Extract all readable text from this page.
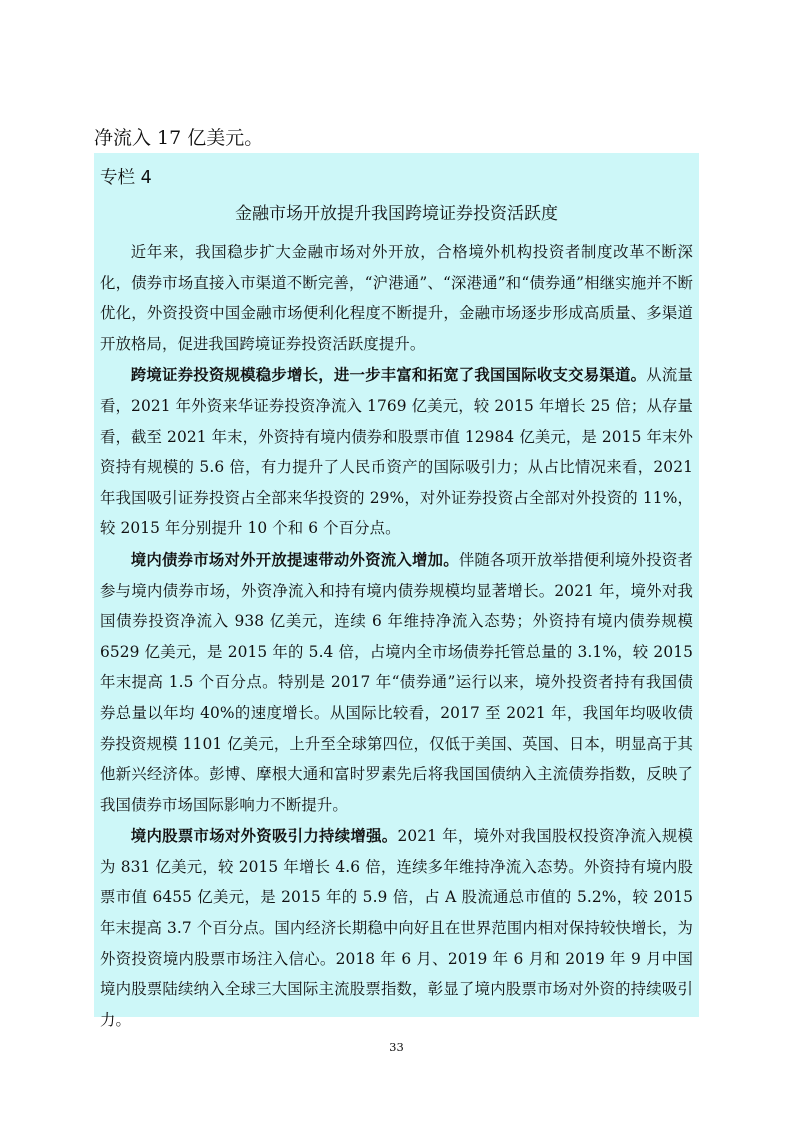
净流入 17 亿美元。
专栏 4
金融市场开放提升我国跨境证券投资活跃度

近年来，我国稳步扩大金融市场对外开放，合格境外机构投资者制度改革不断深化，债券市场直接入市渠道不断完善，“沪港通”、“深港通”和“债券通”相继实施并不断优化，外资投资中国金融市场便利化程度不断提升，金融市场逐步形成高质量、多渠道开放格局，促进我国跨境证券投资活跃度提升。

跨境证券投资规模稳步增长，进一步丰富和拓宽了我国国际收支交易渠道。从流量看，2021 年外资来华证券投资净流入 1769 亿美元，较 2015 年增长 25 倍；从存量看，截至 2021 年末，外资持有境内债券和股票市值 12984 亿美元，是 2015 年末外资持有规模的 5.6 倍，有力提升了人民币资产的国际吸引力；从占比情况来看，2021 年我国吸引证券投资占全部来华投资的 29%，对外证券投资占全部对外投资的 11%，较 2015 年分别提升 10 个和 6 个百分点。

境内债券市场对外开放提速带动外资流入增加。伴随各项开放举措便利境外投资者参与境内债券市场，外资净流入和持有境内债券规模均显著增长。2021 年，境外对我国债券投资净流入 938 亿美元，连续 6 年维持净流入态势；外资持有境内债券规模 6529 亿美元，是 2015 年的 5.4 倍，占境内全市场债券托管总量的 3.1%，较 2015 年末提高 1.5 个百分点。特别是 2017 年“债券通”运行以来，境外投资者持有我国债券总量以年均 40%的速度增长。从国际比较看，2017 至 2021 年，我国年均吸收债券投资规模 1101 亿美元，上升至全球第四位，仅低于美国、英国、日本，明显高于其他新兴经济体。彭博、摩根大通和富时罗素先后将我国国债纳入主流债券指数，反映了我国债券市场国际影响力不断提升。

境内股票市场对外资吸引力持续增强。2021 年，境外对我国股权投资净流入规模为 831 亿美元，较 2015 年增长 4.6 倍，连续多年维持净流入态势。外资持有境内股票市值 6455 亿美元，是 2015 年的 5.9 倍，占 A 股流通总市值的 5.2%，较 2015 年末提高 3.7 个百分点。国内经济长期稳中向好且在世界范围内相对保持较快增长，为外资投资境内股票市场注入信心。2018 年 6 月、2019 年 6 月和 2019 年 9 月中国境内股票陆续纳入全球三大国际主流股票指数，彰显了境内股票市场对外资的持续吸引力。

33
